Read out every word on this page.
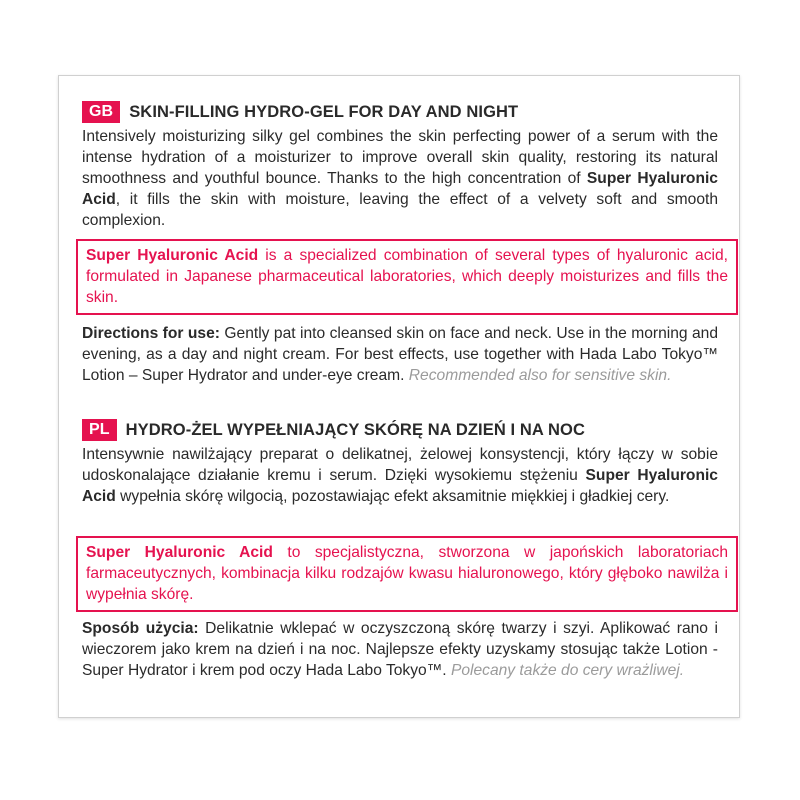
GB SKIN-FILLING HYDRO-GEL FOR DAY AND NIGHT

Intensively moisturizing silky gel combines the skin perfecting power of a serum with the intense hydration of a moisturizer to improve overall skin quality, restoring its natural smoothness and youthful bounce. Thanks to the high concentration of Super Hyaluronic Acid, it fills the skin with moisture, leaving the effect of a velvety soft and smooth complexion.

Super Hyaluronic Acid is a specialized combination of several types of hyaluronic acid, formulated in Japanese pharmaceutical laboratories, which deeply moisturizes and fills the skin.

Directions for use: Gently pat into cleansed skin on face and neck. Use in the morning and evening, as a day and night cream. For best effects, use together with Hada Labo Tokyo™ Lotion – Super Hydrator and under-eye cream. Recommended also for sensitive skin.

PL HYDRO-ŻEL WYPEŁNIAJĄCY SKÓRĘ NA DZIEŃ I NA NOC

Intensywnie nawilżający preparat o delikatnej, żelowej konsystencji, który łączy w sobie udoskonalające działanie kremu i serum. Dzięki wysokiemu stężeniu Super Hyaluronic Acid wypełnia skórę wilgocią, pozostawiając efekt aksamitnie miękkiej i gładkiej cery.

Super Hyaluronic Acid to specjalistyczna, stworzona w japońskich laboratoriach farmaceutycznych, kombinacja kilku rodzajów kwasu hialuronowego, który głęboko nawilża i wypełnia skórę.

Sposób użycia: Delikatnie wklepać w oczyszczoną skórę twarzy i szyi. Aplikować rano i wieczorem jako krem na dzień i na noc. Najlepsze efekty uzyskamy stosując także Lotion - Super Hydrator i krem pod oczy Hada Labo Tokyo™. Polecany także do cery wrażliwej.
